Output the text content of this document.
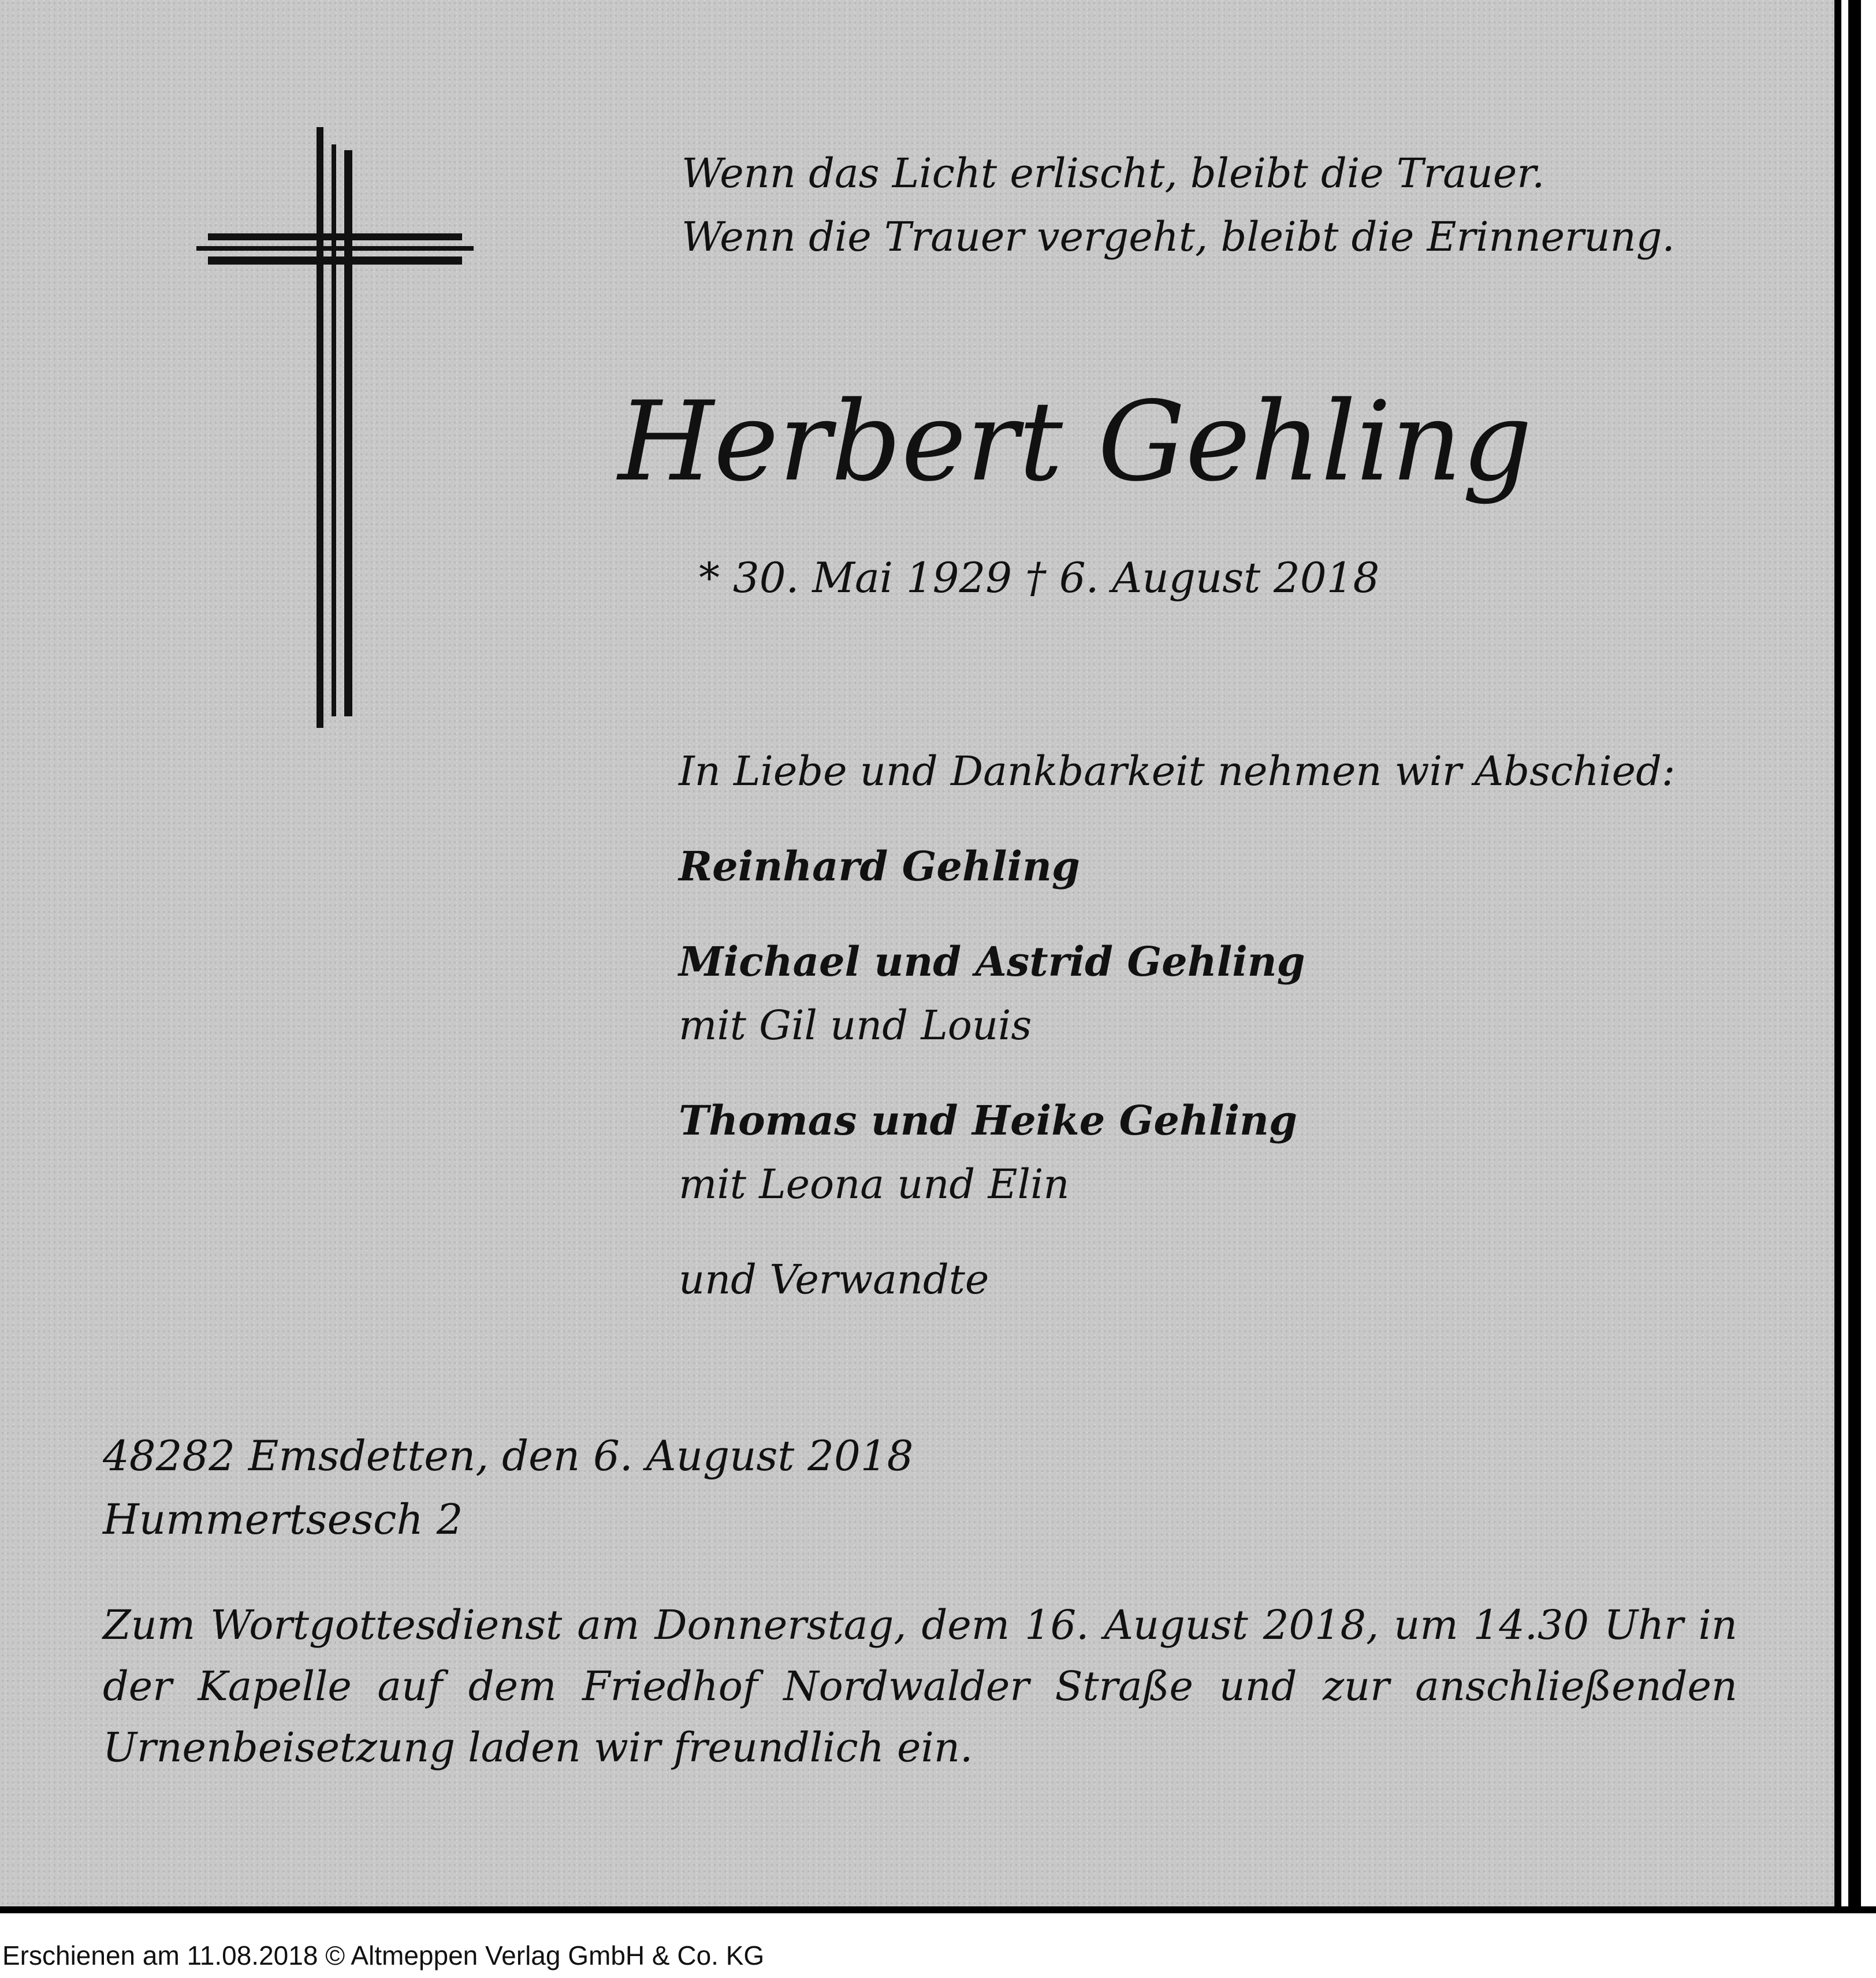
Wenn das Licht erlischt, bleibt die Trauer.
Wenn die Trauer vergeht, bleibt die Erinnerung.
Herbert Gehling
* 30. Mai 1929 † 6. August 2018
In Liebe und Dankbarkeit nehmen wir Abschied:
Reinhard Gehling
Michael und Astrid Gehling
mit Gil und Louis
Thomas und Heike Gehling
mit Leona und Elin
und Verwandte
48282 Emsdetten, den 6. August 2018
Hummertsesch 2
Zum Wortgottesdienst am Donnerstag, dem 16. August 2018, um 14.30 Uhr in der Kapelle auf dem Friedhof Nordwalder Straße und zur anschließenden Urnenbeisetzung laden wir freundlich ein.
Erschienen am 11.08.2018 © Altmeppen Verlag GmbH & Co. KG
